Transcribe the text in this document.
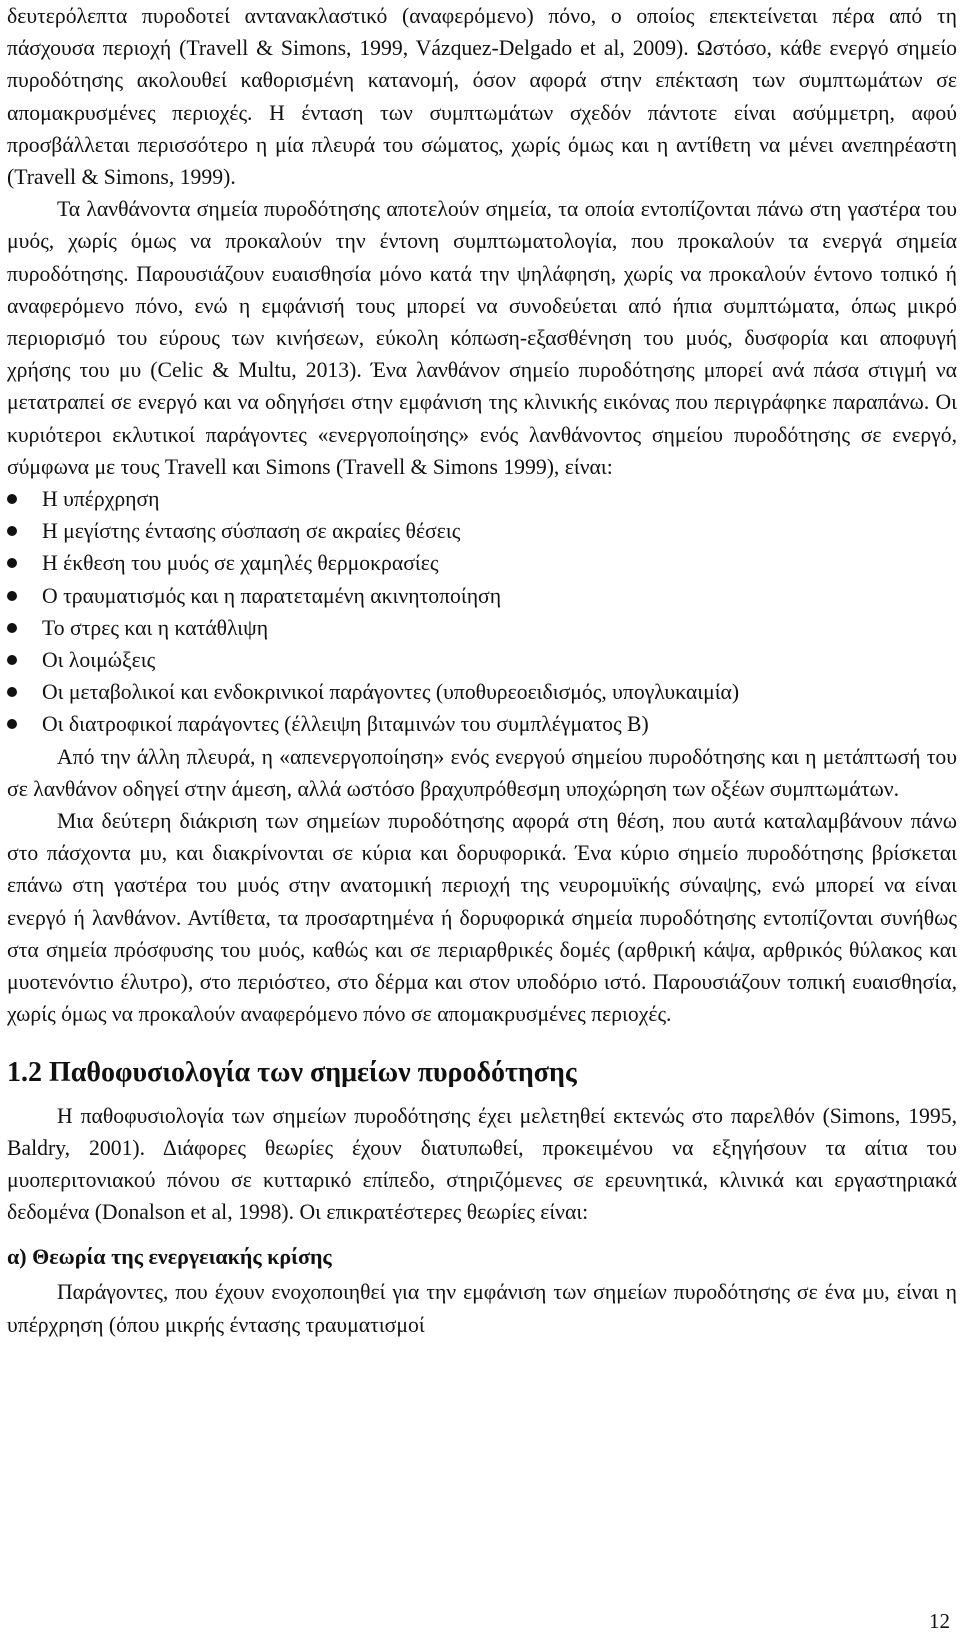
δευτερόλεπτα πυροδοτεί αντανακλαστικό (αναφερόμενο) πόνο, ο οποίος επεκτείνεται πέρα από τη πάσχουσα περιοχή (Travell & Simons, 1999, Vázquez-Delgado et al, 2009). Ωστόσο, κάθε ενεργό σημείο πυροδότησης ακολουθεί καθορισμένη κατανομή, όσον αφορά στην επέκταση των συμπτωμάτων σε απομακρυσμένες περιοχές. Η ένταση των συμπτωμάτων σχεδόν πάντοτε είναι ασύμμετρη, αφού προσβάλλεται περισσότερο η μία πλευρά του σώματος, χωρίς όμως και η αντίθετη να μένει ανεπηρέαστη (Travell & Simons, 1999).

Τα λανθάνοντα σημεία πυροδότησης αποτελούν σημεία, τα οποία εντοπίζονται πάνω στη γαστέρα του μυός, χωρίς όμως να προκαλούν την έντονη συμπτωματολογία, που προκαλούν τα ενεργά σημεία πυροδότησης. Παρουσιάζουν ευαισθησία μόνο κατά την ψηλάφηση, χωρίς να προκαλούν έντονο τοπικό ή αναφερόμενο πόνο, ενώ η εμφάνισή τους μπορεί να συνοδεύεται από ήπια συμπτώματα, όπως μικρό περιορισμό του εύρους των κινήσεων, εύκολη κόπωση-εξασθένηση του μυός, δυσφορία και αποφυγή χρήσης του μυ (Celic & Multu, 2013). Ένα λανθάνον σημείο πυροδότησης μπορεί ανά πάσα στιγμή να μετατραπεί σε ενεργό και να οδηγήσει στην εμφάνιση της κλινικής εικόνας που περιγράφηκε παραπάνω. Οι κυριότεροι εκλυτικοί παράγοντες «ενεργοποίησης» ενός λανθάνοντος σημείου πυροδότησης σε ενεργό, σύμφωνα με τους Travell και Simons (Travell & Simons 1999), είναι:

Η υπέρχρηση
Η μεγίστης έντασης σύσπαση σε ακραίες θέσεις
Η έκθεση του μυός σε χαμηλές θερμοκρασίες
Ο τραυματισμός και η παρατεταμένη ακινητοποίηση
Το στρες και η κατάθλιψη
Οι λοιμώξεις
Οι μεταβολικοί και ενδοκρινικοί παράγοντες (υποθυρεοειδισμός, υπογλυκαιμία)
Οι διατροφικοί παράγοντες (έλλειψη βιταμινών του συμπλέγματος Β)

Από την άλλη πλευρά, η «απενεργοποίηση» ενός ενεργού σημείου πυροδότησης και η μετάπτωσή του σε λανθάνον οδηγεί στην άμεση, αλλά ωστόσο βραχυπρόθεσμη υποχώρηση των οξέων συμπτωμάτων.

Μια δεύτερη διάκριση των σημείων πυροδότησης αφορά στη θέση, που αυτά καταλαμβάνουν πάνω στο πάσχοντα μυ, και διακρίνονται σε κύρια και δορυφορικά. Ένα κύριο σημείο πυροδότησης βρίσκεται επάνω στη γαστέρα του μυός στην ανατομική περιοχή της νευρομυϊκής σύναψης, ενώ μπορεί να είναι ενεργό ή λανθάνον. Αντίθετα, τα προσαρτημένα ή δορυφορικά σημεία πυροδότησης εντοπίζονται συνήθως στα σημεία πρόσφυσης του μυός, καθώς και σε περιαρθρικές δομές (αρθρική κάψα, αρθρικός θύλακος και μυοτενόντιο έλυτρο), στο περιόστεο, στο δέρμα και στον υποδόριο ιστό. Παρουσιάζουν τοπική ευαισθησία, χωρίς όμως να προκαλούν αναφερόμενο πόνο σε απομακρυσμένες περιοχές.

1.2 Παθοφυσιολογία των σημείων πυροδότησης

Η παθοφυσιολογία των σημείων πυροδότησης έχει μελετηθεί εκτενώς στο παρελθόν (Simons, 1995, Baldry, 2001). Διάφορες θεωρίες έχουν διατυπωθεί, προκειμένου να εξηγήσουν τα αίτια του μυοπεριτονιακού πόνου σε κυτταρικό επίπεδο, στηριζόμενες σε ερευνητικά, κλινικά και εργαστηριακά δεδομένα (Donalson et al, 1998). Οι επικρατέστερες θεωρίες είναι:

α) Θεωρία της ενεργειακής κρίσης

Παράγοντες, που έχουν ενοχοποιηθεί για την εμφάνιση των σημείων πυροδότησης σε ένα μυ, είναι η υπέρχρηση (όπου μικρής έντασης τραυματισμοί

12
